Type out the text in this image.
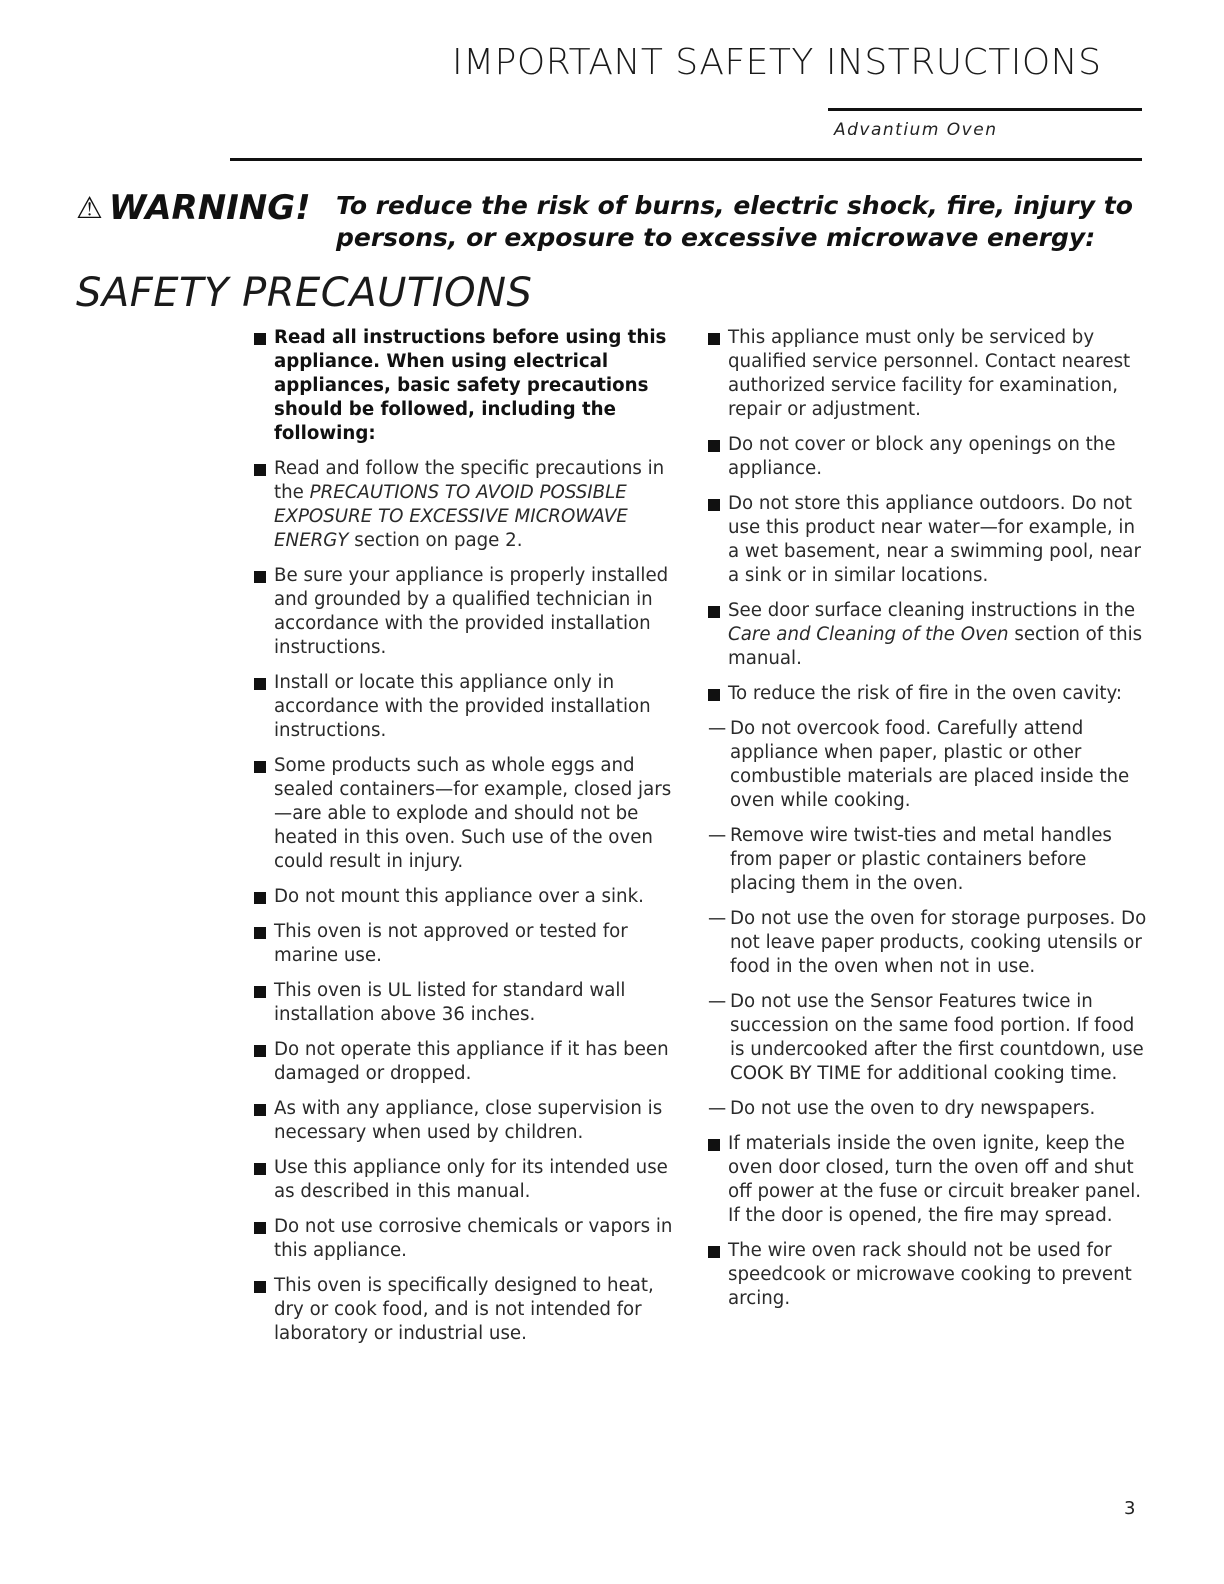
IMPORTANT SAFETY INSTRUCTIONS
Advantium Oven
⚠ WARNING! To reduce the risk of burns, electric shock, fire, injury to persons, or exposure to excessive microwave energy:
SAFETY PRECAUTIONS
Read all instructions before using this appliance. When using electrical appliances, basic safety precautions should be followed, including the following:
Read and follow the specific precautions in the PRECAUTIONS TO AVOID POSSIBLE EXPOSURE TO EXCESSIVE MICROWAVE ENERGY section on page 2.
Be sure your appliance is properly installed and grounded by a qualified technician in accordance with the provided installation instructions.
Install or locate this appliance only in accordance with the provided installation instructions.
Some products such as whole eggs and sealed containers—for example, closed jars—are able to explode and should not be heated in this oven. Such use of the oven could result in injury.
Do not mount this appliance over a sink.
This oven is not approved or tested for marine use.
This oven is UL listed for standard wall installation above 36 inches.
Do not operate this appliance if it has been damaged or dropped.
As with any appliance, close supervision is necessary when used by children.
Use this appliance only for its intended use as described in this manual.
Do not use corrosive chemicals or vapors in this appliance.
This oven is specifically designed to heat, dry or cook food, and is not intended for laboratory or industrial use.
This appliance must only be serviced by qualified service personnel. Contact nearest authorized service facility for examination, repair or adjustment.
Do not cover or block any openings on the appliance.
Do not store this appliance outdoors. Do not use this product near water—for example, in a wet basement, near a swimming pool, near a sink or in similar locations.
See door surface cleaning instructions in the Care and Cleaning of the Oven section of this manual.
To reduce the risk of fire in the oven cavity:
— Do not overcook food. Carefully attend appliance when paper, plastic or other combustible materials are placed inside the oven while cooking.
— Remove wire twist-ties and metal handles from paper or plastic containers before placing them in the oven.
— Do not use the oven for storage purposes. Do not leave paper products, cooking utensils or food in the oven when not in use.
— Do not use the Sensor Features twice in succession on the same food portion. If food is undercooked after the first countdown, use COOK BY TIME for additional cooking time.
— Do not use the oven to dry newspapers.
If materials inside the oven ignite, keep the oven door closed, turn the oven off and shut off power at the fuse or circuit breaker panel. If the door is opened, the fire may spread.
The wire oven rack should not be used for speedcook or microwave cooking to prevent arcing.
3
